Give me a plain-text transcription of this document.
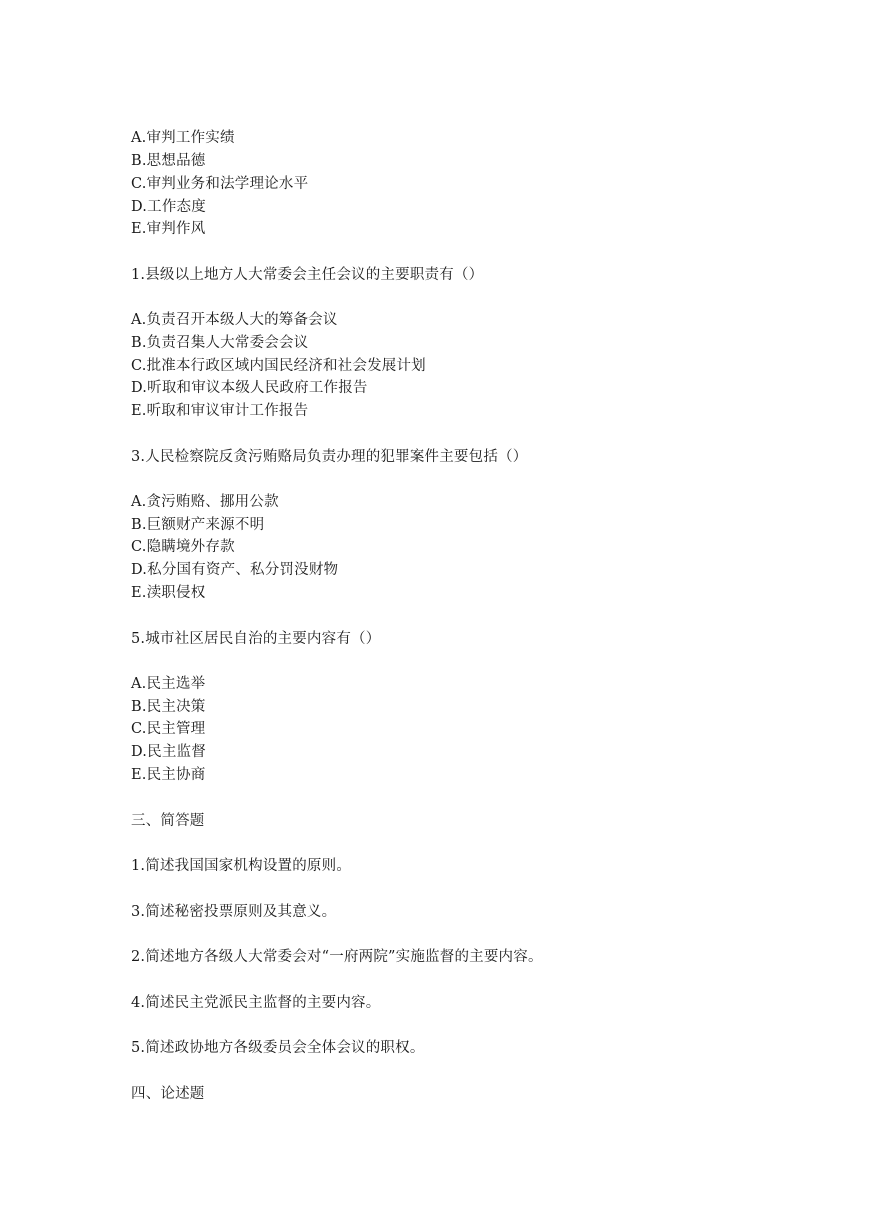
A.审判工作实绩
B.思想品德
C.审判业务和法学理论水平
D.工作态度
E.审判作风
1.县级以上地方人大常委会主任会议的主要职责有（）
A.负责召开本级人大的筹备会议
B.负责召集人大常委会会议
C.批准本行政区域内国民经济和社会发展计划
D.听取和审议本级人民政府工作报告
E.听取和审议审计工作报告
3.人民检察院反贪污贿赂局负责办理的犯罪案件主要包括（）
A.贪污贿赂、挪用公款
B.巨额财产来源不明
C.隐瞒境外存款
D.私分国有资产、私分罚没财物
E.渎职侵权
5.城市社区居民自治的主要内容有（）
A.民主选举
B.民主决策
C.民主管理
D.民主监督
E.民主协商
三、简答题
1.简述我国国家机构设置的原则。
3.简述秘密投票原则及其意义。
2.简述地方各级人大常委会对“一府两院”实施监督的主要内容。
4.简述民主党派民主监督的主要内容。
5.简述政协地方各级委员会全体会议的职权。
四、论述题
